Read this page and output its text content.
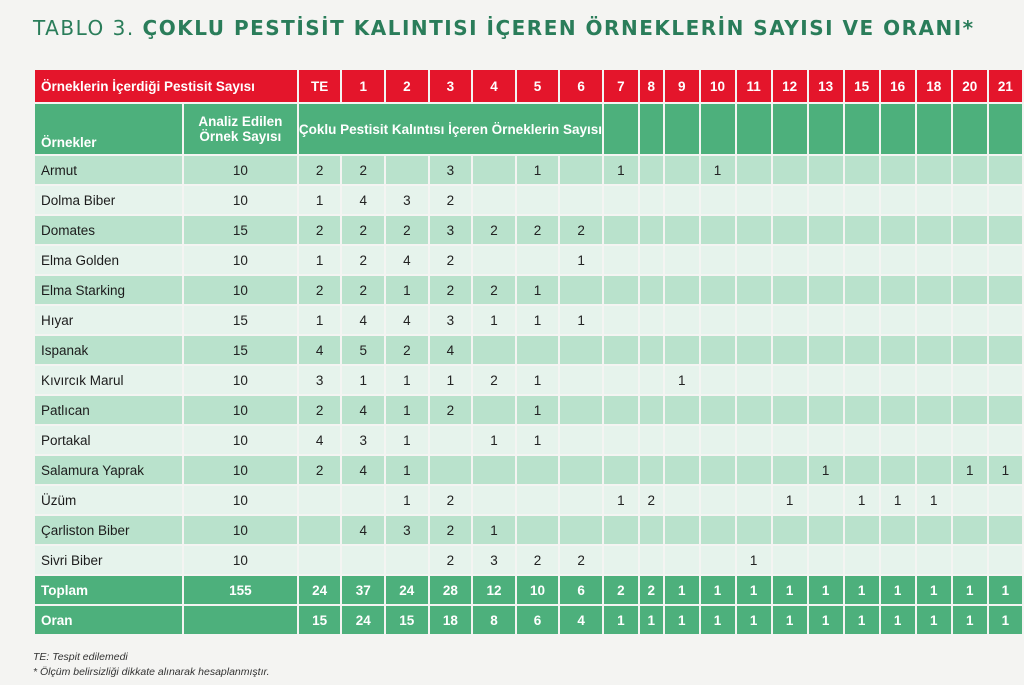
TABLO 3. ÇOKLU PESTİSİT KALINTISI İÇEREN ÖRNEKLERİN SAYISI VE ORANI*
Örneklerin İçerdiği Pestisit Sayısı		TE	1	2	3	4	5	6	7	8	9	10	11	12	13	15	16	18	20	21
Örnekler	Analiz Edilen
Örnek Sayısı	Çoklu Pestisit Kalıntısı İçeren Örneklerin Sayısı																		
Armut	10	2	2		3		1		1			1								
Dolma Biber	10	1	4	3	2															
Domates	15	2	2	2	3	2	2	2												
Elma Golden	10	1	2	4	2			1												
Elma Starking	10	2	2	1	2	2	1													
Hıyar	15	1	4	4	3	1	1	1												
Ispanak	15	4	5	2	4															
Kıvırcık Marul	10	3	1	1	1	2	1				1									
Patlıcan	10	2	4	1	2		1													
Portakal	10	4	3	1		1	1													
Salamura Yaprak	10	2	4	1											1				1	1
Üzüm	10			1	2				1	2				1		1	1	1		
Çarliston Biber	10		4	3	2	1														
Sivri Biber	10				2	3	2	2					1							
Toplam	155	24	37	24	28	12	10	6	2	2	1	1	1	1	1	1	1	1	1	1
Oran		15	24	15	18	8	6	4	1	1	1	1	1	1	1	1	1	1	1	1
TE: Tespit edilemedi
* Ölçüm belirsizliği dikkate alınarak hesaplanmıştır.
